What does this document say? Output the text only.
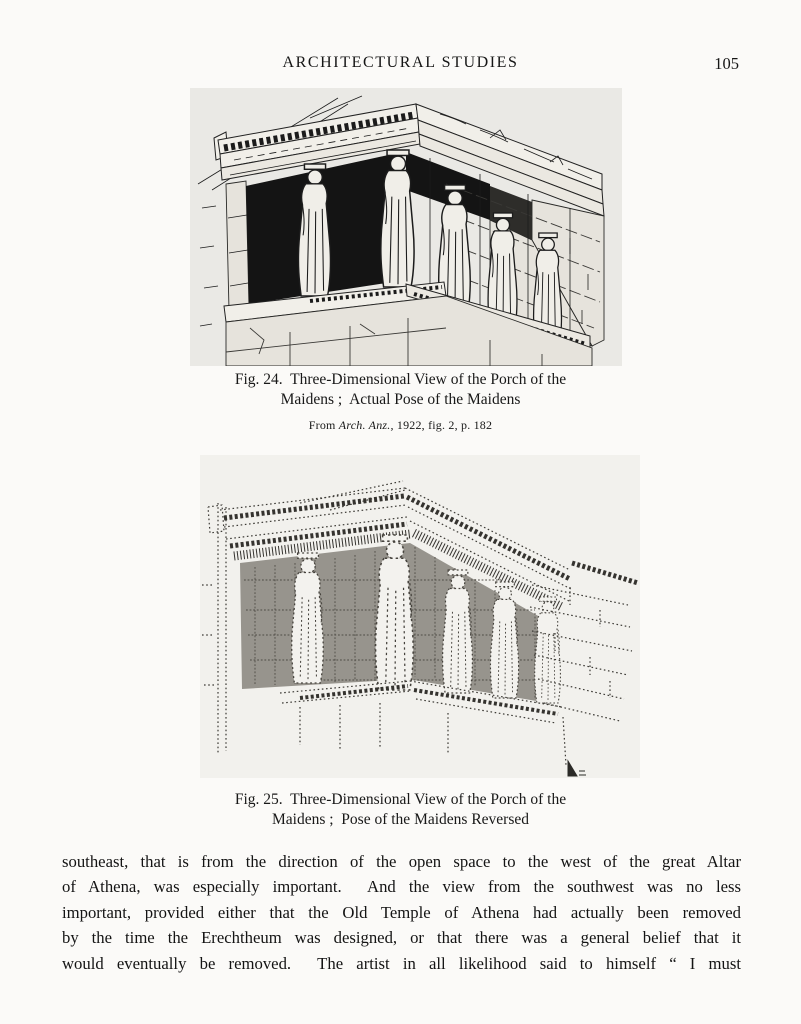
ARCHITECTURAL STUDIES	105
Fig. 24.  Three-Dimensional View of the Porch of the
Maidens ;  Actual Pose of the Maidens
From Arch. Anz., 1922, fig. 2, p. 182
Fig. 25.  Three-Dimensional View of the Porch of the
Maidens ;  Pose of the Maidens Reversed
southeast, that is from the direction of the open space to the west of the great Altar
of Athena, was especially important.  And the view from the southwest was no less
important, provided either that the Old Temple of Athena had actually been removed
by the time the Erechtheum was designed, or that there was a general belief that it
would eventually be removed.  The artist in all likelihood said to himself “ I must
